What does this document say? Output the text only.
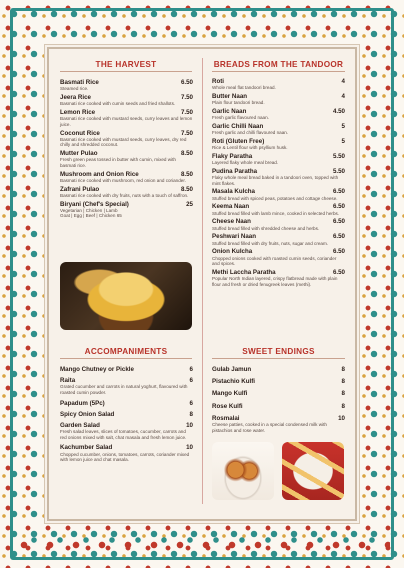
THE HARVEST
Basmati Rice	6.50
Steamed rice.
Jeera Rice	7.50
Basmati rice cooked with cumin seeds and fried shallots.
Lemon Rice	7.50
Basmati rice cooked with mustard seeds, curry leaves and lemon juice.
Coconut Rice	7.50
Basmati rice cooked with mustard seeds, curry leaves, dry red chilly and shredded coconut.
Mutter Pulao	8.50
Fresh green peas tossed in butter with cumin, mixed with basmati rice.
Mushroom and Onion Rice	8.50
Basmati rice cooked with mushroom, red onion and coriander.
Zafrani Pulao	8.50
Basmati rice cooked with dry fruits, nuts with a touch of saffron.
Biryani (Chef's Special)	25
Vegetarian | Chicken | Lamb
Goat | Egg | Beef | Chicken 65
BREADS FROM THE TANDOOR
Roti	4
Whole meal flat tandoori bread.
Butter Naan	4
Plain flour tandoori bread.
Garlic Naan	4.50
Fresh garlic flavoured naan.
Garlic Chilli Naan	5
Fresh garlic and chilli flavoured naan.
Roti (Gluten Free)	5
Rice & Lentil flour with psyllium husk.
Flaky Paratha	5.50
Layered flaky whole meal bread.
Pudina Paratha	5.50
Flaky whole meal bread baked in a tandoori oven, topped with mint flakes.
Masala Kulcha	6.50
Stuffed bread with spiced peas, potatoes and cottage cheese.
Keema Naan	6.50
Stuffed bread filled with lamb mince, cooked in selected herbs.
Cheese Naan	6.50
Stuffed bread filled with shredded cheese and herbs.
Peshwari Naan	6.50
Stuffed bread filled with dry fruits, nuts, sugar and cream.
Onion Kulcha	6.50
Chopped onions cooked with roasted cumin seeds, coriander and spices.
Methi Laccha Paratha	6.50
Popular North Indian layered, crispy flatbread made with plain flour and fresh or dried fenugreek leaves (methi).
ACCOMPANIMENTS
Mango Chutney or Pickle	6
Raita	6
Grated cucumber and carrots in natural yoghurt, flavoured with roasted cumin powder.
Papadum (5Pc)	6
Spicy Onion Salad	8
Garden Salad	10
Fresh salad leaves, slices of tomatoes, cucumber, carrots and red onions mixed with salt, chat masala and fresh lemon juice.
Kachumber Salad	10
Chopped cucumber, onions, tomatoes, carrots, coriander mixed with lemon juice and chat masala.
SWEET ENDINGS
Gulab Jamun	8
Pistachio Kulfi	8
Mango Kulfi	8
Rose Kulfi	8
Rosmalai	10
Cheese patties, cooked in a special condensed milk with pistachios and rose water.
